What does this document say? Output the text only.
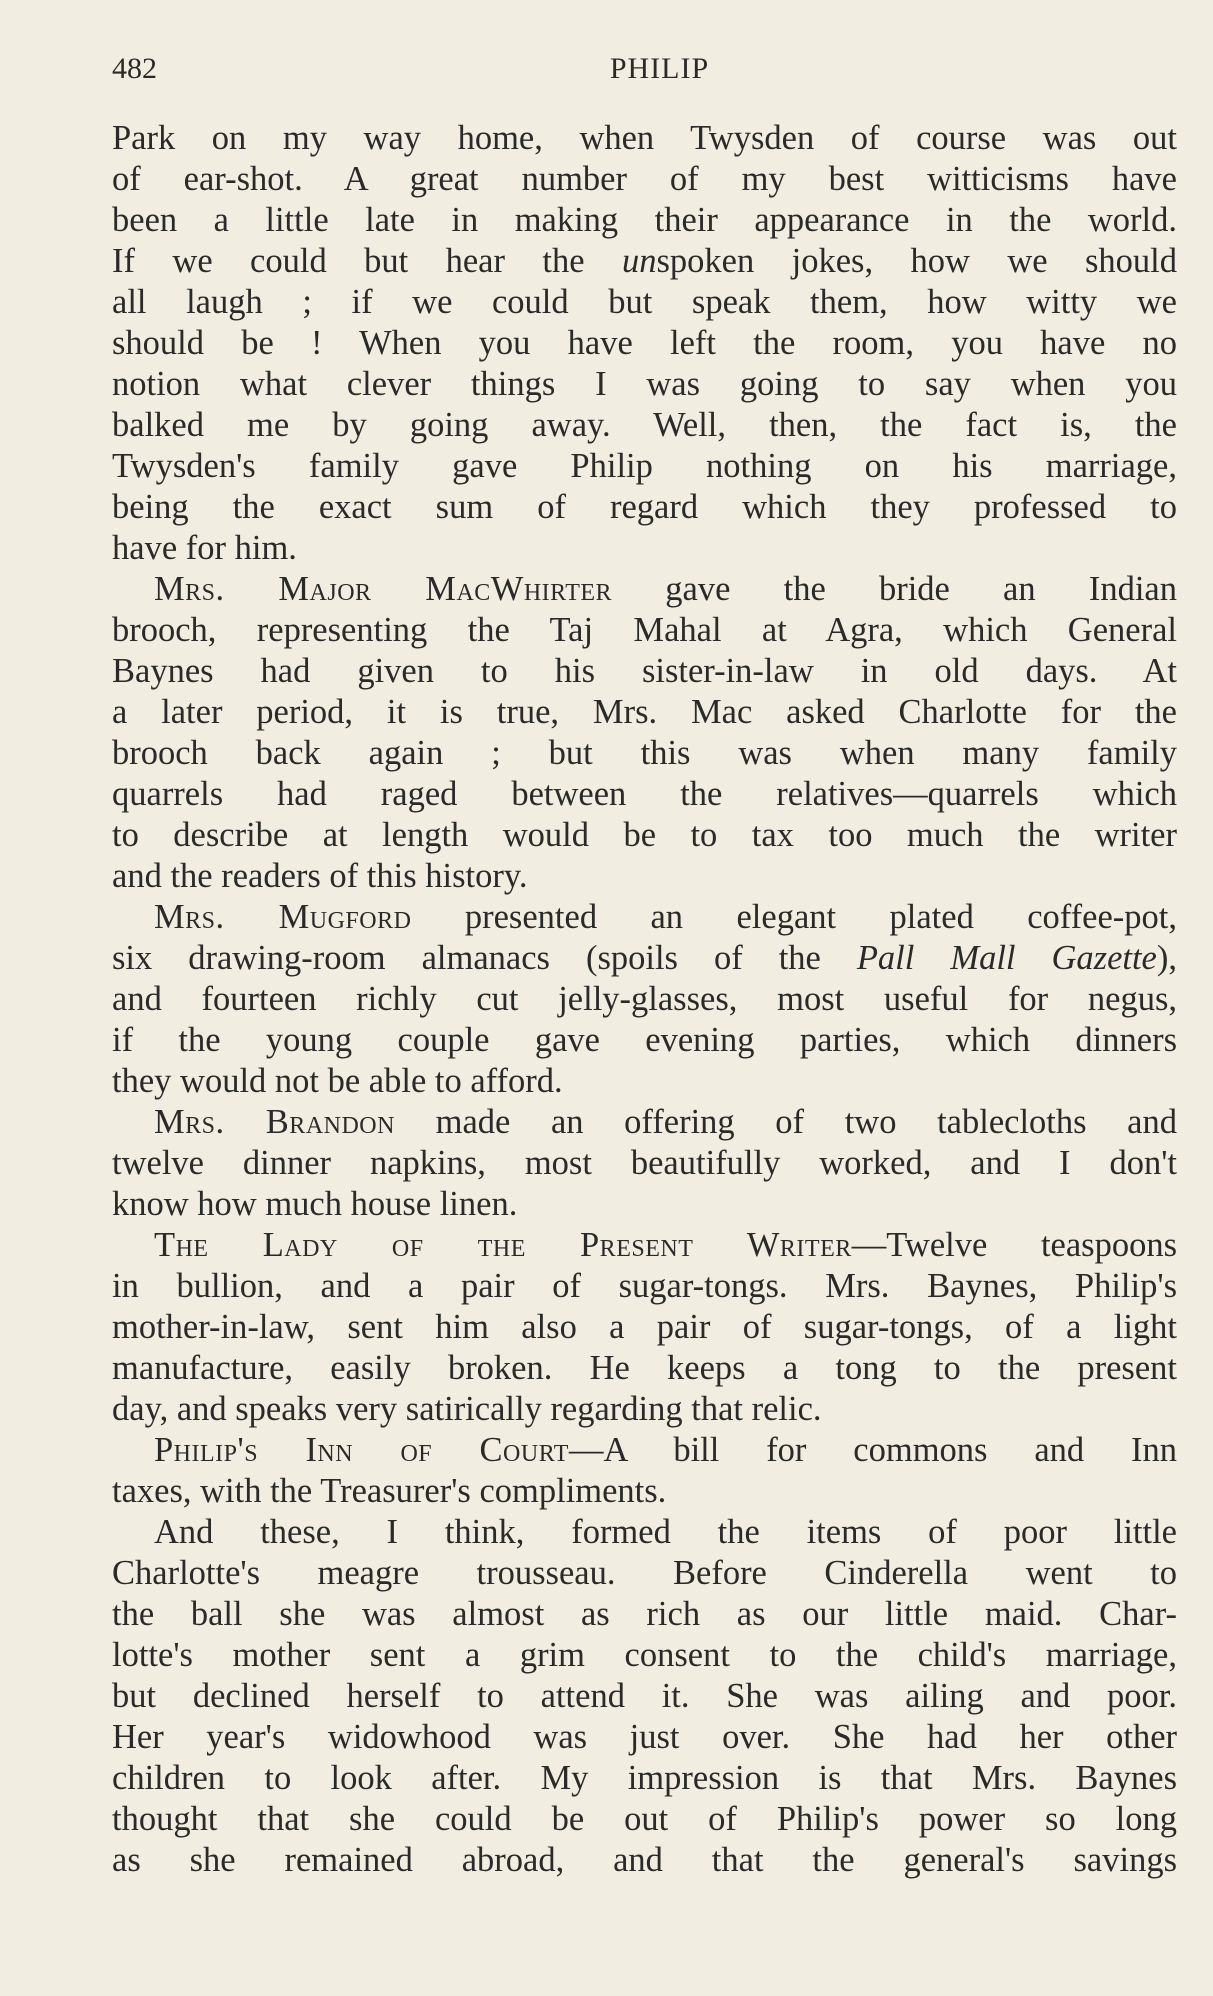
482	PHILIP
Park on my way home, when Twysden of course was out
of ear-shot. A great number of my best witticisms have
been a little late in making their appearance in the world.
If we could but hear the unspoken jokes, how we should
all laugh ; if we could but speak them, how witty we
should be ! When you have left the room, you have no
notion what clever things I was going to say when you
balked me by going away. Well, then, the fact is, the
Twysden's family gave Philip nothing on his marriage,
being the exact sum of regard which they professed to
have for him.
Mrs. Major MacWhirter gave the bride an Indian
brooch, representing the Taj Mahal at Agra, which General
Baynes had given to his sister-in-law in old days. At
a later period, it is true, Mrs. Mac asked Charlotte for the
brooch back again ; but this was when many family
quarrels had raged between the relatives—quarrels which
to describe at length would be to tax too much the writer
and the readers of this history.
Mrs. Mugford presented an elegant plated coffee-pot,
six drawing-room almanacs (spoils of the Pall Mall Gazette),
and fourteen richly cut jelly-glasses, most useful for negus,
if the young couple gave evening parties, which dinners
they would not be able to afford.
Mrs. Brandon made an offering of two tablecloths and
twelve dinner napkins, most beautifully worked, and I don't
know how much house linen.
The Lady of the Present Writer—Twelve teaspoons
in bullion, and a pair of sugar-tongs. Mrs. Baynes, Philip's
mother-in-law, sent him also a pair of sugar-tongs, of a light
manufacture, easily broken. He keeps a tong to the present
day, and speaks very satirically regarding that relic.
Philip's Inn of Court—A bill for commons and Inn
taxes, with the Treasurer's compliments.
And these, I think, formed the items of poor little
Charlotte's meagre trousseau. Before Cinderella went to
the ball she was almost as rich as our little maid. Char-
lotte's mother sent a grim consent to the child's marriage,
but declined herself to attend it. She was ailing and poor.
Her year's widowhood was just over. She had her other
children to look after. My impression is that Mrs. Baynes
thought that she could be out of Philip's power so long
as she remained abroad, and that the general's savings
